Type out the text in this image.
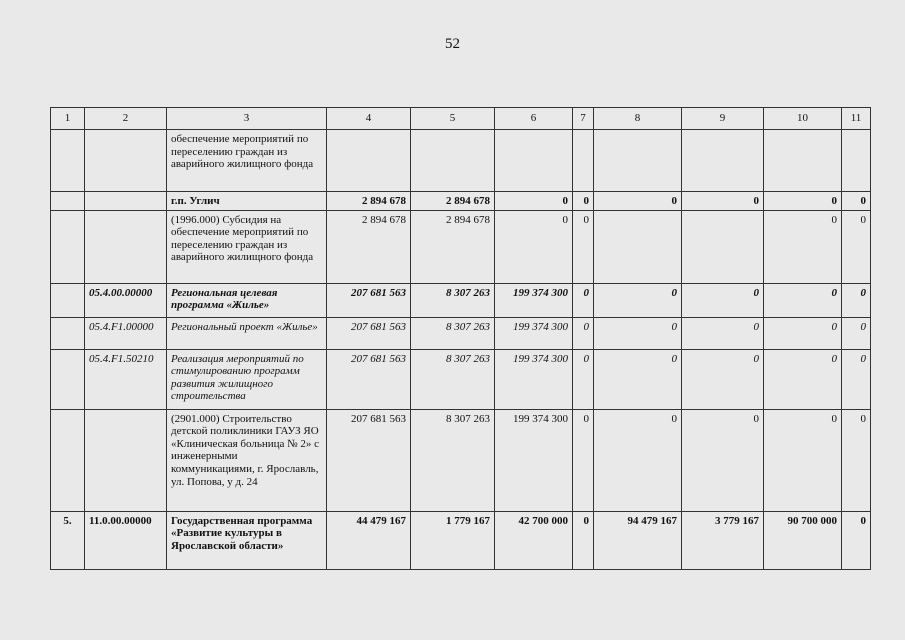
52
1	2	3	4	5	6	7	8	9	10	11
		обеспечение мероприятий по переселению граждан из аварийного жилищного фонда								
		г.п. Углич	2 894 678	2 894 678	0	0	0	0	0	0
		(1996.000) Субсидия на обеспечение мероприятий по переселению граждан из аварийного жилищного фонда	2 894 678	2 894 678	0	0			0	0
	05.4.00.00000	Региональная целевая программа «Жилье»	207 681 563	8 307 263	199 374 300	0	0	0	0	0
	05.4.F1.00000	Региональный проект «Жилье»	207 681 563	8 307 263	199 374 300	0	0	0	0	0
	05.4.F1.50210	Реализация мероприятий по стимулированию программ развития жилищного строительства	207 681 563	8 307 263	199 374 300	0	0	0	0	0
		(2901.000) Строительство детской поликлиники ГАУЗ ЯО «Клиническая больница № 2» с инженерными коммуникациями, г. Ярославль, ул. Попова, у д. 24	207 681 563	8 307 263	199 374 300	0	0	0	0	0
5.	11.0.00.00000	Государственная программа «Развитие культуры в Ярославской области»	44 479 167	1 779 167	42 700 000	0	94 479 167	3 779 167	90 700 000	0
